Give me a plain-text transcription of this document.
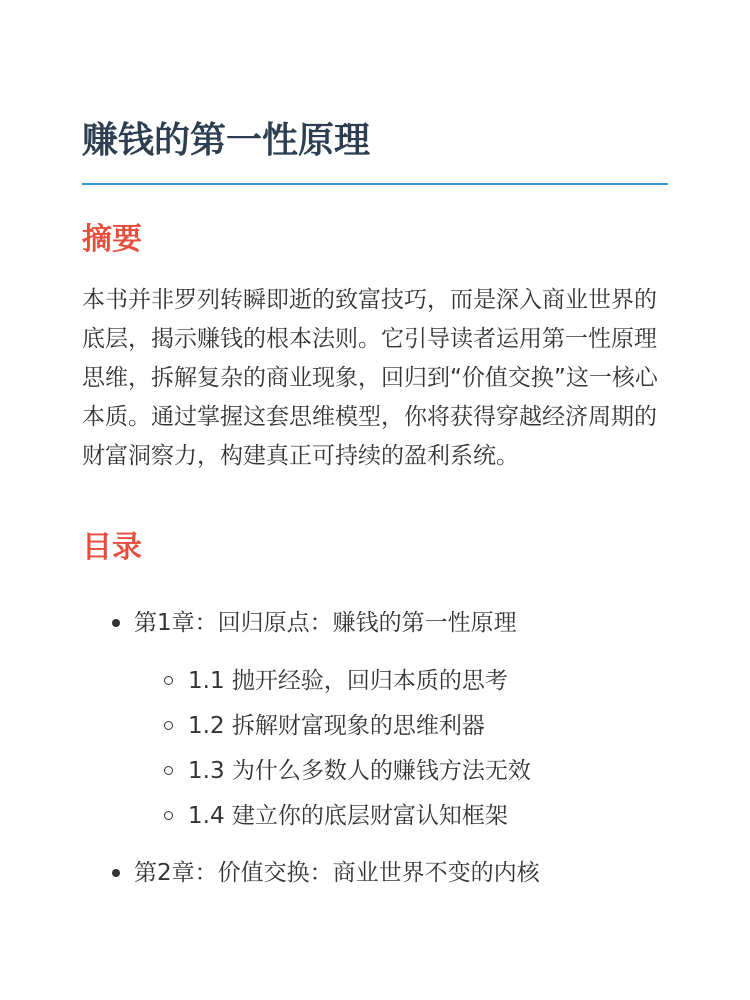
赚钱的第一性原理
摘要

本书并非罗列转瞬即逝的致富技巧，而是深入商业世界的底层，揭示赚钱的根本法则。它引导读者运用第一性原理思维，拆解复杂的商业现象，回归到“价值交换”这一核心本质。通过掌握这套思维模型，你将获得穿越经济周期的财富洞察力，构建真正可持续的盈利系统。

目录
第1章：回归原点：赚钱的第一性原理
1.1 抛开经验，回归本质的思考
1.2 拆解财富现象的思维利器
1.3 为什么多数人的赚钱方法无效
1.4 建立你的底层财富认知框架
第2章：价值交换：商业世界不变的内核
